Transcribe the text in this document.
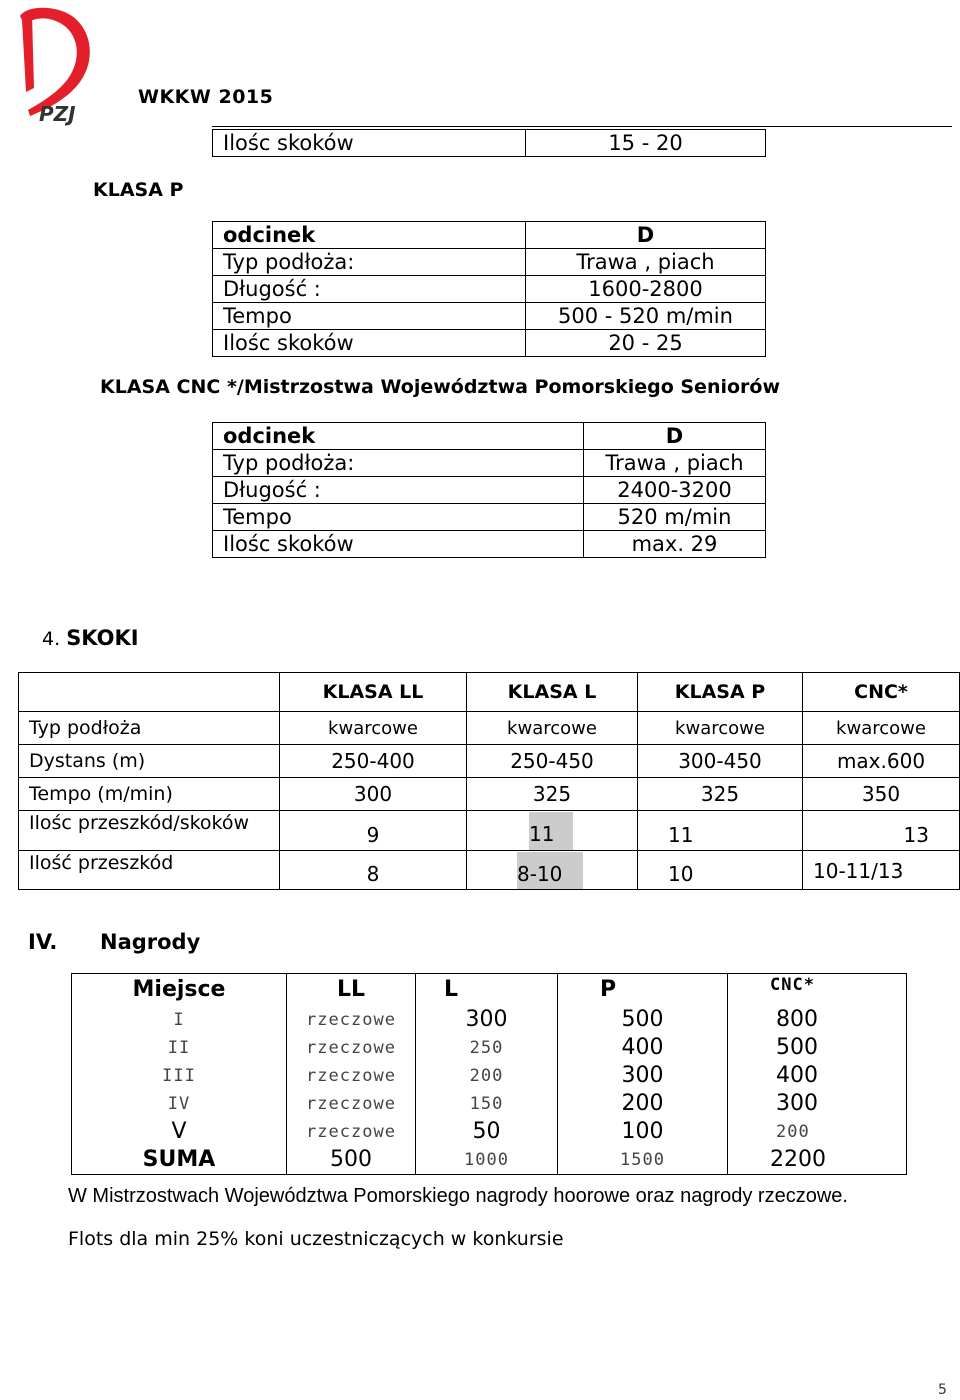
PZJ
WKKW 2015
Ilośc skoków	15 - 20
KLASA P
odcinek	D
Typ podłoża:	Trawa , piach
Długość :	1600-2800
Tempo	500 - 520 m/min
Ilośc skoków	20 - 25
KLASA CNC */Mistrzostwa Województwa Pomorskiego Seniorów
odcinek	D
Typ podłoża:	Trawa , piach
Długość :	2400-3200
Tempo	520 m/min
Ilośc skoków	max. 29
4. SKOKI
	KLASA LL	KLASA L	KLASA P	CNC*
Typ podłoża	kwarcowe	kwarcowe	kwarcowe	kwarcowe
Dystans (m)	250-400	250-450	300-450	max.600
Tempo (m/min)	300	325	325	350
Ilośc przeszkód/skoków	9	11	11	13
Ilość przeszkód	8	8-10	10	10-11/13
IV. Nagrody
Miejsce	LL	L	P	CNC*
I	rzeczowe	300	500	800
II	rzeczowe	250	400	500
III	rzeczowe	200	300	400
IV	rzeczowe	150	200	300
V	rzeczowe	50	100	200
SUMA	500	1000	1500	2200
W Mistrzostwach Województwa Pomorskiego nagrody hoorowe oraz nagrody rzeczowe.
Flots dla min 25% koni uczestniczących w konkursie
5
